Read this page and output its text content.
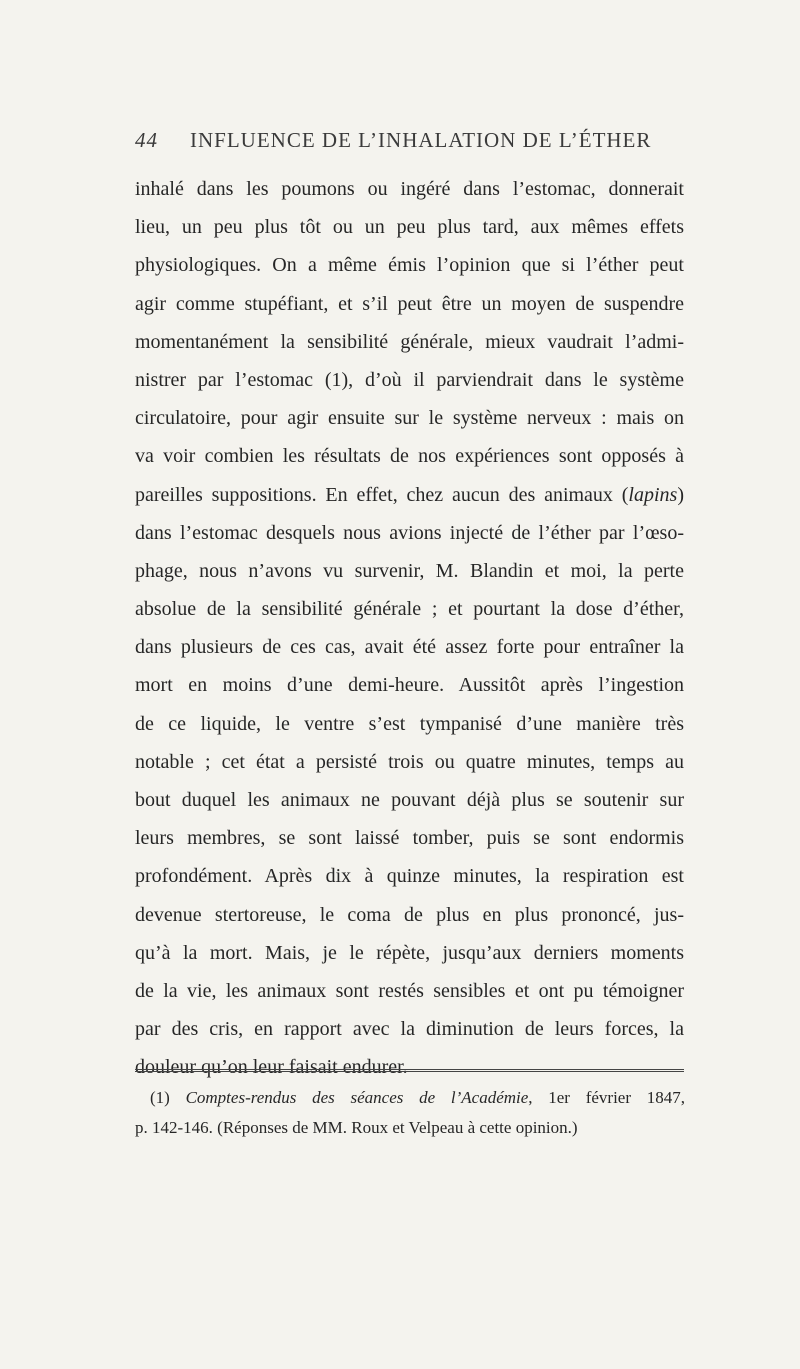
44 INFLUENCE DE L’INHALATION DE L’ÉTHER
inhalé dans les poumons ou ingéré dans l’estomac, donnerait
lieu, un peu plus tôt ou un peu plus tard, aux mêmes effets
physiologiques. On a même émis l’opinion que si l’éther peut
agir comme stupéfiant, et s’il peut être un moyen de suspendre
momentanément la sensibilité générale, mieux vaudrait l’admi-
nistrer par l’estomac (1), d’où il parviendrait dans le système
circulatoire, pour agir ensuite sur le système nerveux : mais on
va voir combien les résultats de nos expériences sont opposés à
pareilles suppositions. En effet, chez aucun des animaux (lapins)
dans l’estomac desquels nous avions injecté de l’éther par l’œso-
phage, nous n’avons vu survenir, M. Blandin et moi, la perte
absolue de la sensibilité générale ; et pourtant la dose d’éther,
dans plusieurs de ces cas, avait été assez forte pour entraîner la
mort en moins d’une demi-heure. Aussitôt après l’ingestion
de ce liquide, le ventre s’est tympanisé d’une manière très
notable ; cet état a persisté trois ou quatre minutes, temps au
bout duquel les animaux ne pouvant déjà plus se soutenir sur
leurs membres, se sont laissé tomber, puis se sont endormis
profondément. Après dix à quinze minutes, la respiration est
devenue stertoreuse, le coma de plus en plus prononcé, jus-
qu’à la mort. Mais, je le répète, jusqu’aux derniers moments
de la vie, les animaux sont restés sensibles et ont pu témoigner
par des cris, en rapport avec la diminution de leurs forces, la
douleur qu’on leur faisait endurer.
(1) Comptes-rendus des séances de l’Académie, 1er février 1847,
p. 142-146. (Réponses de MM. Roux et Velpeau à cette opinion.)
